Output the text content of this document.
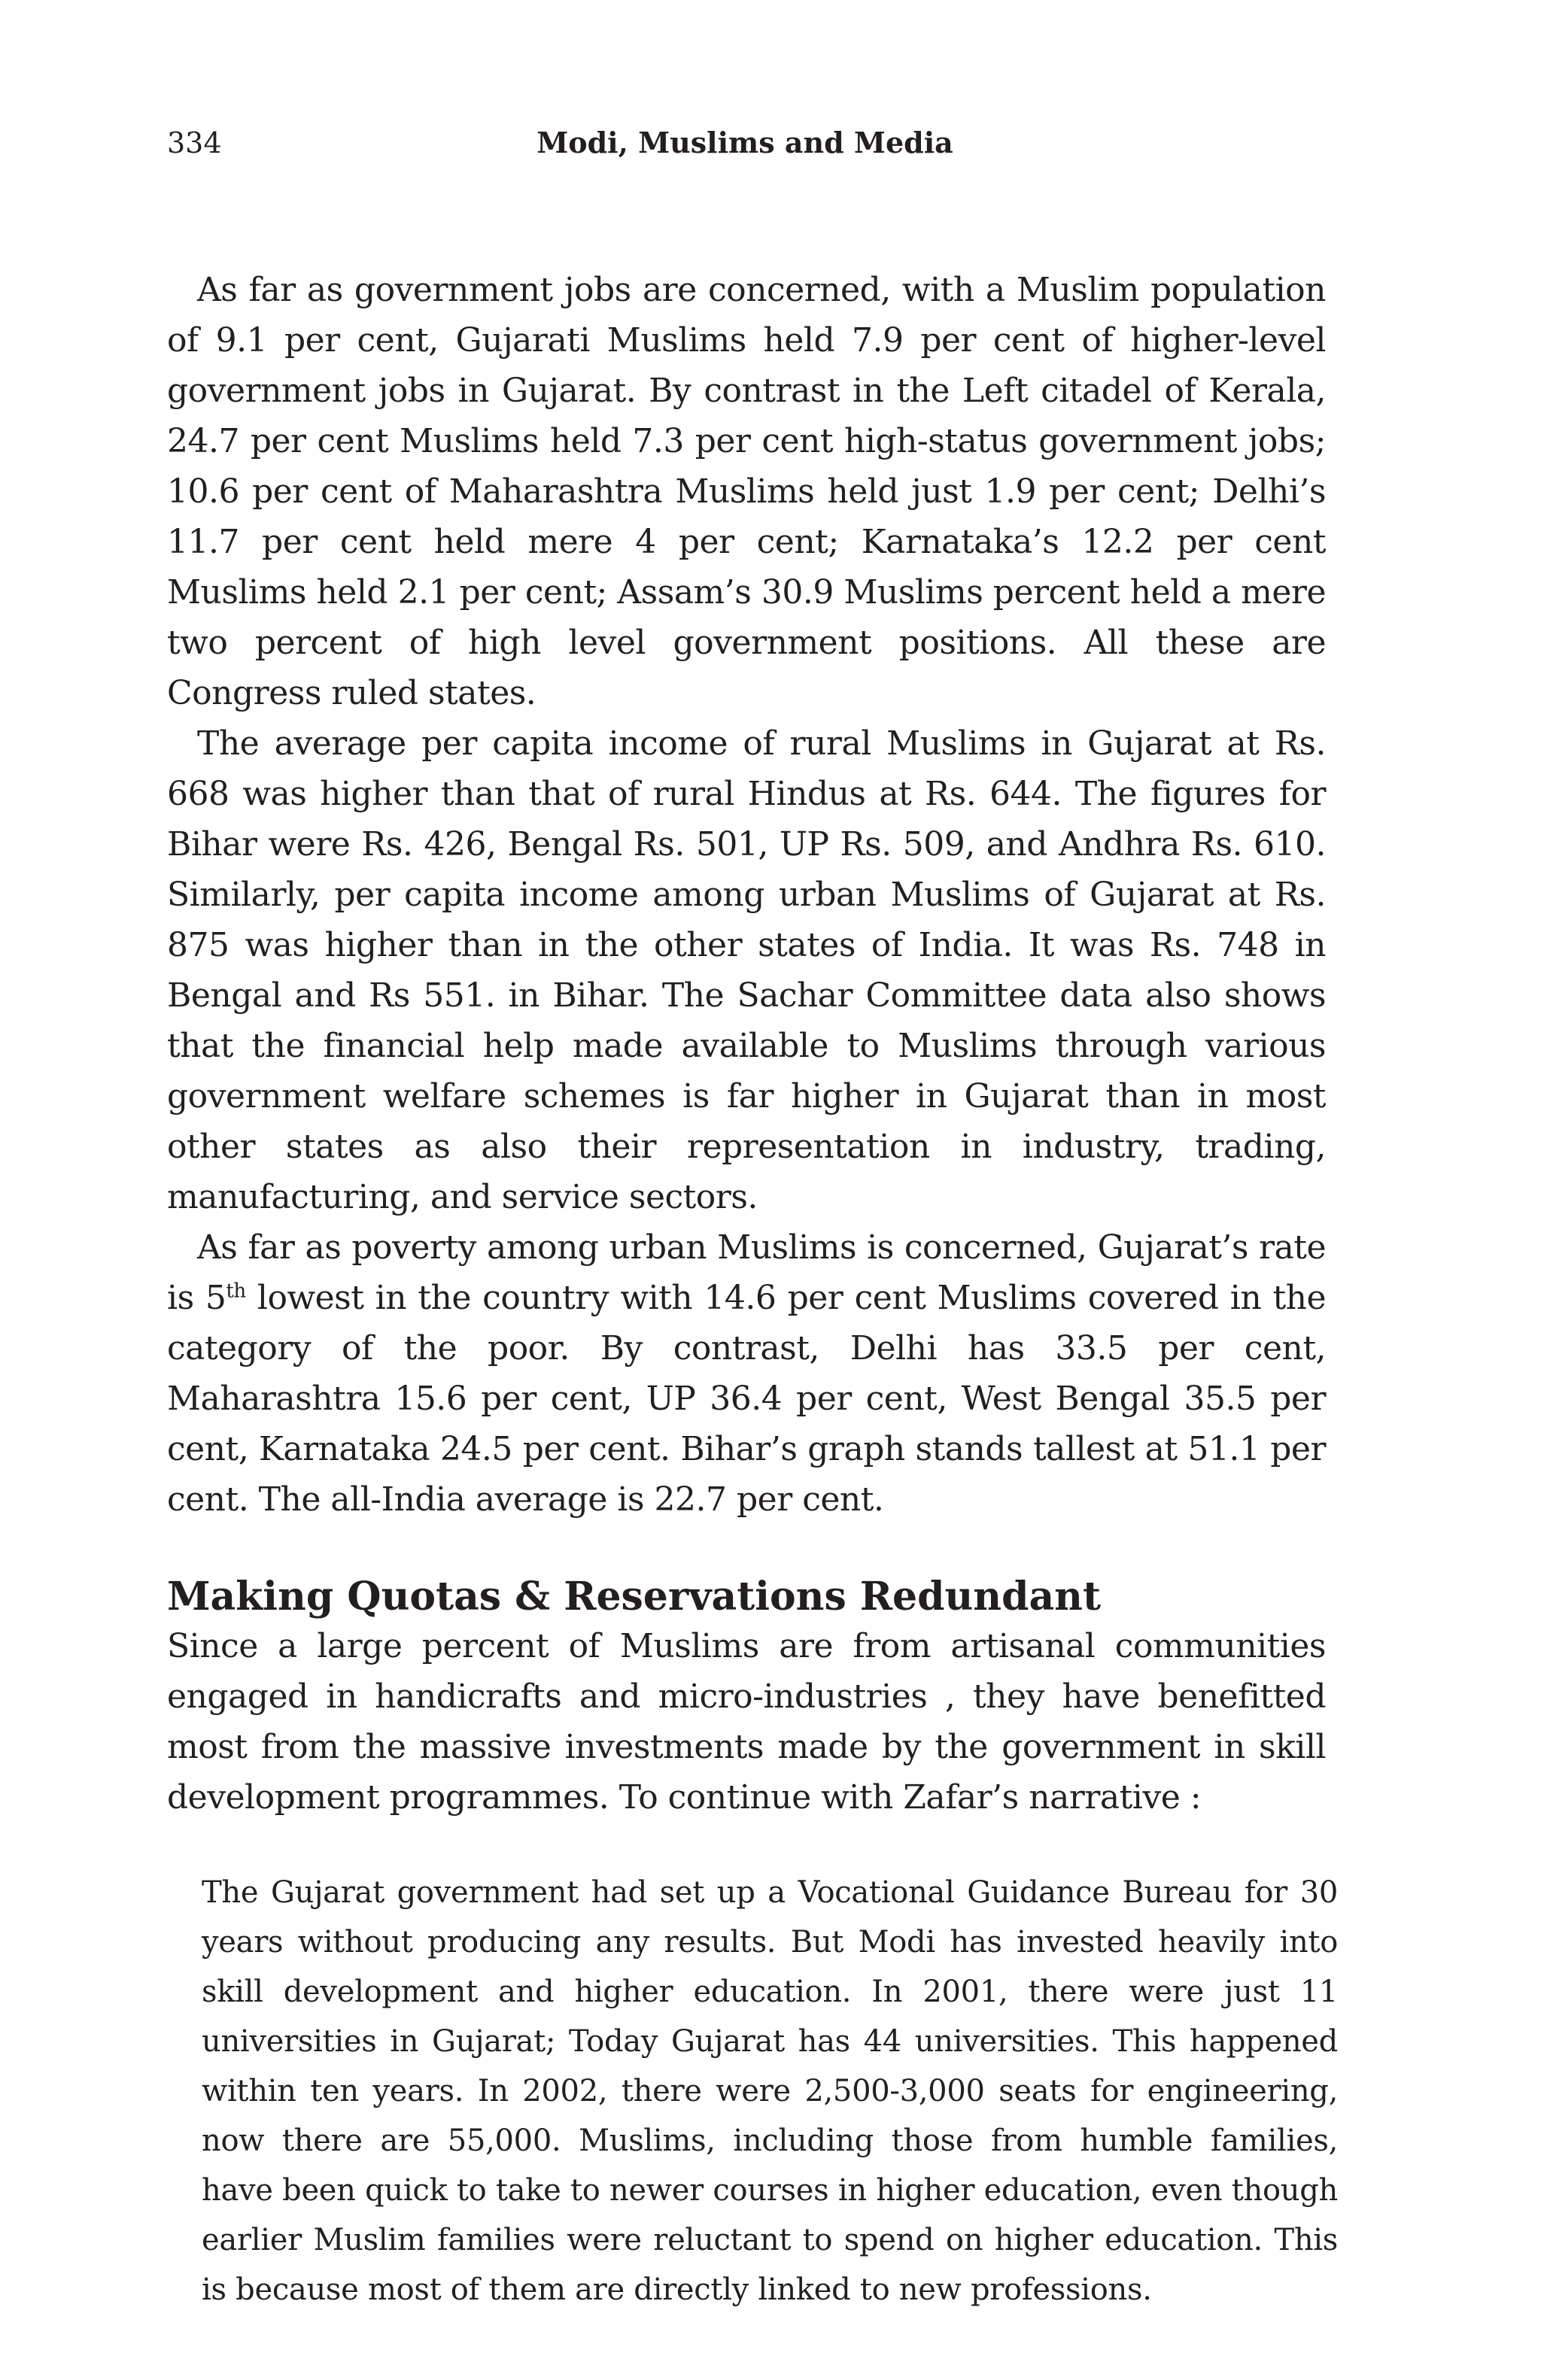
334	Modi, Muslims and Media

As far as government jobs are concerned, with a Muslim population of 9.1 per cent, Gujarati Muslims held 7.9 per cent of higher-level government jobs in Gujarat. By contrast in the Left citadel of Kerala, 24.7 per cent Muslims held 7.3 per cent high-status government jobs; 10.6 per cent of Maharashtra Muslims held just 1.9 per cent; Delhi’s 11.7 per cent held mere 4 per cent; Karnataka’s 12.2 per cent Muslims held 2.1 per cent; Assam’s 30.9 Muslims percent held a mere two percent of high level government positions. All these are Congress ruled states.

The average per capita income of rural Muslims in Gujarat at Rs. 668 was higher than that of rural Hindus at Rs. 644. The figures for Bihar were Rs. 426, Bengal Rs. 501, UP Rs. 509, and Andhra Rs. 610. Similarly, per capita income among urban Muslims of Gujarat at Rs. 875 was higher than in the other states of India. It was Rs. 748 in Bengal and Rs 551. in Bihar. The Sachar Committee data also shows that the financial help made available to Muslims through various government welfare schemes is far higher in Gujarat than in most other states as also their representation in industry, trading, manufacturing, and service sectors.

As far as poverty among urban Muslims is concerned, Gujarat’s rate is 5th lowest in the country with 14.6 per cent Muslims covered in the category of the poor. By contrast, Delhi has 33.5 per cent, Maharashtra 15.6 per cent, UP 36.4 per cent, West Bengal 35.5 per cent, Karnataka 24.5 per cent. Bihar’s graph stands tallest at 51.1 per cent. The all-India average is 22.7 per cent.

Making Quotas & Reservations Redundant

Since a large percent of Muslims are from artisanal communities engaged in handicrafts and micro-industries , they have benefitted most from the massive investments made by the government in skill development programmes. To continue with Zafar’s narrative :

The Gujarat government had set up a Vocational Guidance Bureau for 30 years without producing any results. But Modi has invested heavily into skill development and higher education. In 2001, there were just 11 universities in Gujarat; Today Gujarat has 44 universities. This happened within ten years. In 2002, there were 2,500-3,000 seats for engineering, now there are 55,000. Muslims, including those from humble families, have been quick to take to newer courses in higher education, even though earlier Muslim families were reluctant to spend on higher education. This is because most of them are directly linked to new professions.
